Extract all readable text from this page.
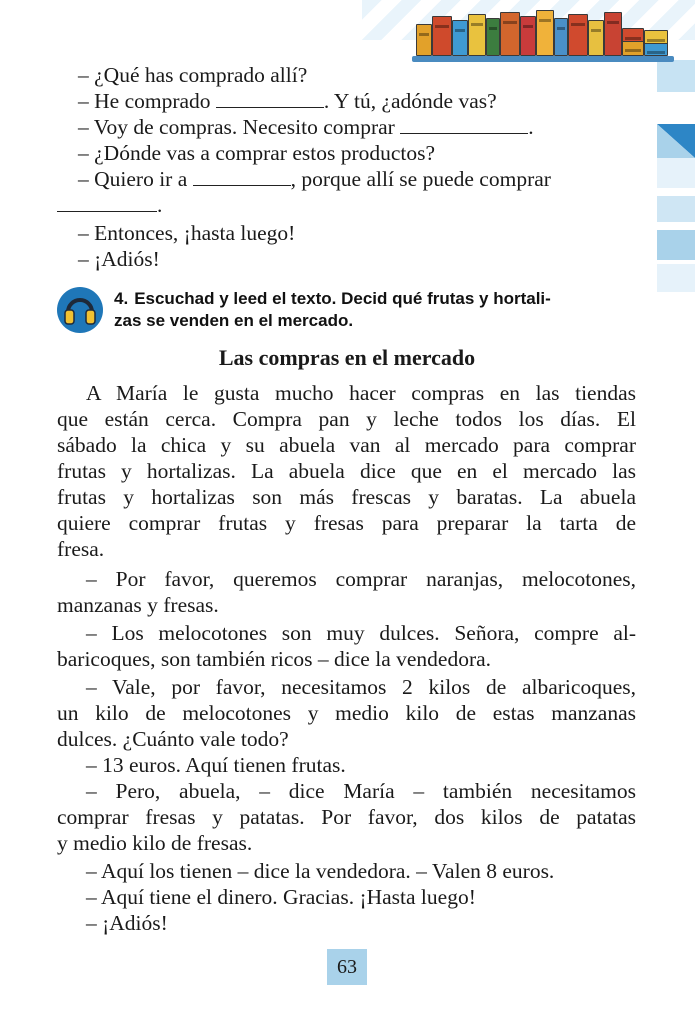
– ¿Qué has comprado allí?
– He comprado	. Y tú, ¿adónde vas?
– Voy de compras. Necesito comprar	.
– ¿Dónde vas a comprar estos productos?
– Quiero ir a	, porque allí se puede comprar
.
– Entonces, ¡hasta luego!
– ¡Adiós!
4. Escuchad y leed el texto. Decid qué frutas y hortali-
zas se venden en el mercado.
Las compras en el mercado
A María le gusta mucho hacer compras en las tiendas
que están cerca. Compra pan y leche todos los días. El
sábado la chica y su abuela van al mercado para comprar
frutas y hortalizas. La abuela dice que en el mercado las
frutas y hortalizas son más frescas y baratas. La abuela
quiere comprar frutas y fresas para preparar la tarta de
fresa.
– Por favor, queremos comprar naranjas, melocotones,
manzanas y fresas.
– Los melocotones son muy dulces. Señora, compre al-
baricoques, son también ricos – dice la vendedora.
– Vale, por favor, necesitamos 2 kilos de albaricoques,
un kilo de melocotones y medio kilo de estas manzanas
dulces. ¿Cuánto vale todo?
– 13 euros. Aquí tienen frutas.
– Pero, abuela, – dice María – también necesitamos
comprar fresas y patatas. Por favor, dos kilos de patatas
y medio kilo de fresas.
– Aquí los tienen – dice la vendedora. – Valen 8 euros.
– Aquí tiene el dinero. Gracias. ¡Hasta luego!
– ¡Adiós!
63
